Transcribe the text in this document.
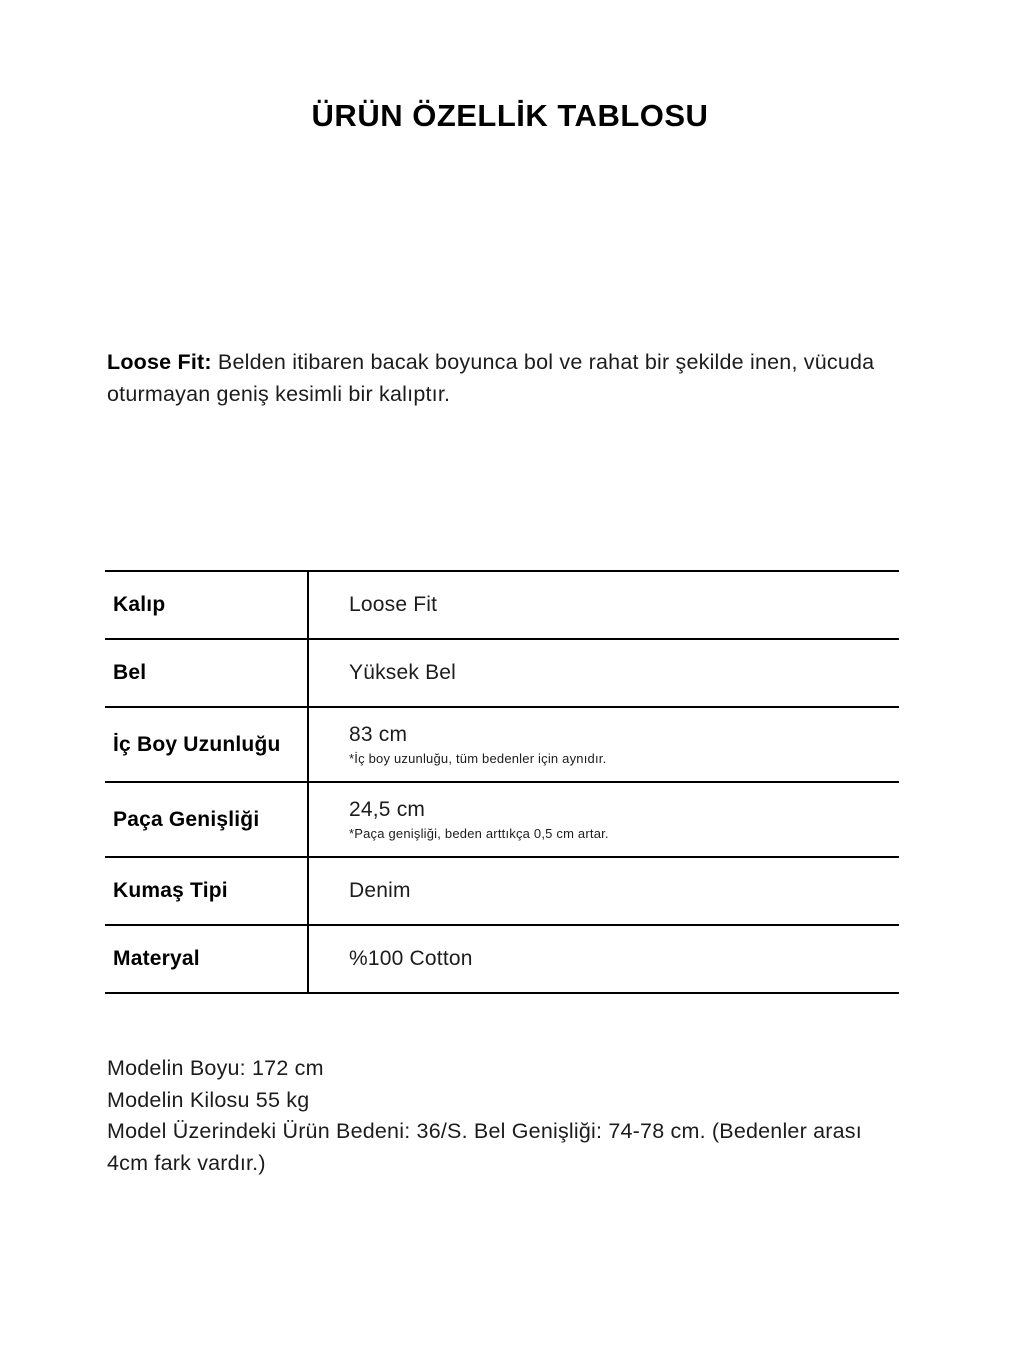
ÜRÜN ÖZELLİK TABLOSU

Loose Fit: Belden itibaren bacak boyunca bol ve rahat bir şekilde inen, vücuda oturmayan geniş kesimli bir kalıptır.

Kalıp	Loose Fit
Bel	Yüksek Bel
İç Boy Uzunluğu	83 cm
*İç boy uzunluğu, tüm bedenler için aynıdır.
Paça Genişliği	24,5 cm
*Paça genişliği, beden arttıkça 0,5 cm artar.
Kumaş Tipi	Denim
Materyal	%100 Cotton
Modelin Boyu: 172 cm
Modelin Kilosu 55 kg
Model Üzerindeki Ürün Bedeni: 36/S. Bel Genişliği: 74-78 cm. (Bedenler arası 4cm fark vardır.)
